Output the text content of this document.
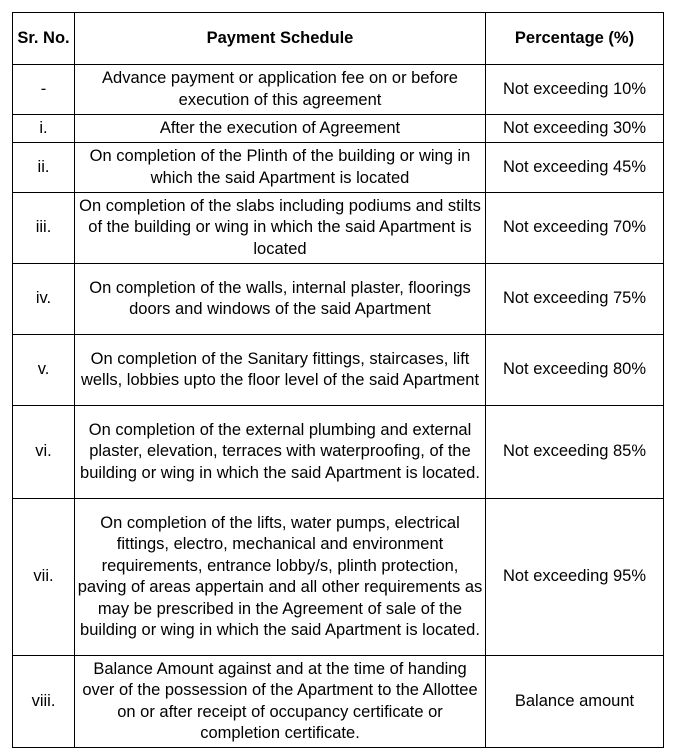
Sr. No.	Payment Schedule	Percentage (%)
-	Advance payment or application fee on or before execution of this agreement	Not exceeding 10%
i.	After the execution of Agreement	Not exceeding 30%
ii.	On completion of the Plinth of the building or wing in which the said Apartment is located	Not exceeding 45%
iii.	On completion of the slabs including podiums and stilts of the building or wing in which the said Apartment is located	Not exceeding 70%
iv.	On completion of the walls, internal plaster, floorings doors and windows of the said Apartment	Not exceeding 75%
v.	On completion of the Sanitary fittings, staircases, lift wells, lobbies upto the floor level of the said Apartment	Not exceeding 80%
vi.	On completion of the external plumbing and external plaster, elevation, terraces with waterproofing, of the building or wing in which the said Apartment is located.	Not exceeding 85%
vii.	On completion of the lifts, water pumps, electrical fittings, electro, mechanical and environment requirements, entrance lobby/s, plinth protection, paving of areas appertain and all other requirements as may be prescribed in the Agreement of sale of the building or wing in which the said Apartment is located.	Not exceeding 95%
viii.	Balance Amount against and at the time of handing over of the possession of the Apartment to the Allottee on or after receipt of occupancy certificate or completion certificate.	Balance amount
